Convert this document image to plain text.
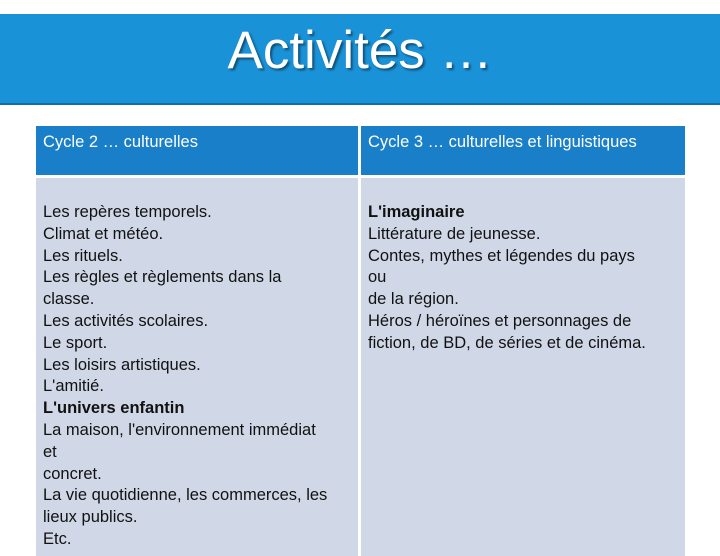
Activités …
Cycle 2 … culturelles	Cycle 3 … culturelles et linguistiques
Les repères temporels.
Climat et météo.
Les rituels.
Les règles et règlements dans la
classe.
Les activités scolaires.
Le sport.
Les loisirs artistiques.
L'amitié.
L'univers enfantin
La maison, l'environnement immédiat
et
concret.
La vie quotidienne, les commerces, les
lieux publics.
Etc.
L'imaginaire
Littérature de jeunesse.
Contes, mythes et légendes du pays
ou
de la région.
Héros / héroïnes et personnages de
fiction, de BD, de séries et de cinéma.
